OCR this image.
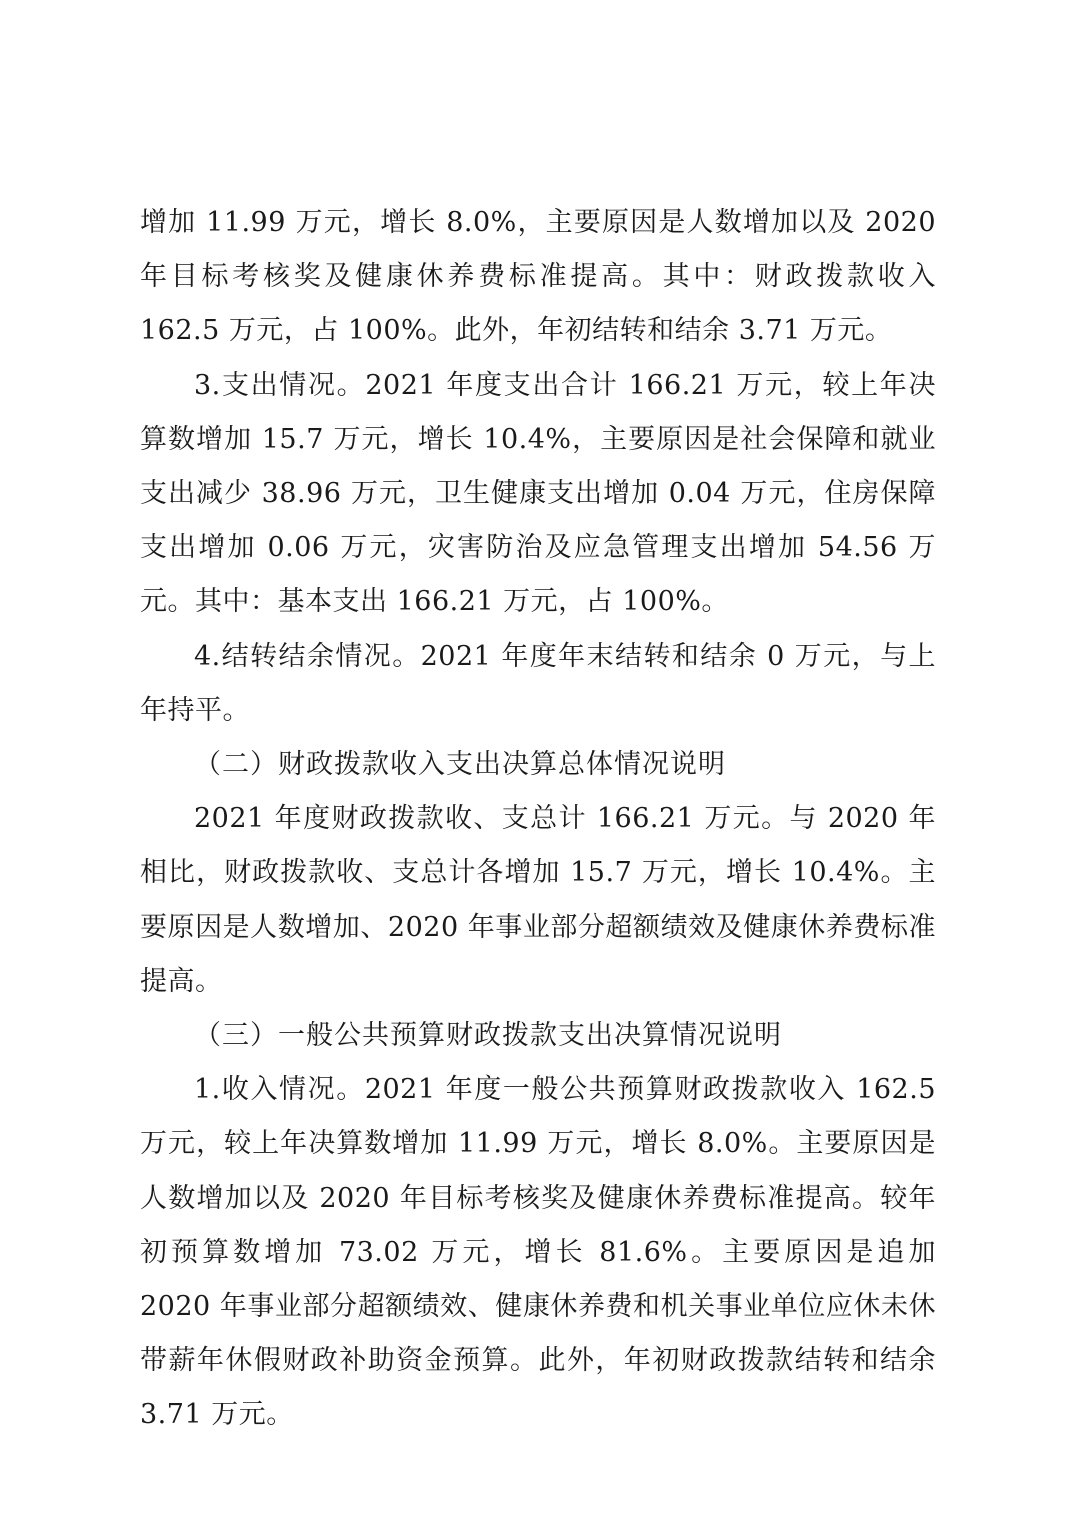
增加 11.99 万元，增长 8.0%，主要原因是人数增加以及 2020 年目标考核奖及健康休养费标准提高。其中：财政拨款收入 162.5 万元，占 100%。此外，年初结转和结余 3.71 万元。

3.支出情况。2021 年度支出合计 166.21 万元，较上年决算数增加 15.7 万元，增长 10.4%，主要原因是社会保障和就业支出减少 38.96 万元，卫生健康支出增加 0.04 万元，住房保障支出增加 0.06 万元，灾害防治及应急管理支出增加 54.56 万元。其中：基本支出 166.21 万元，占 100%。

4.结转结余情况。2021 年度年末结转和结余 0 万元，与上年持平。

（二）财政拨款收入支出决算总体情况说明

2021 年度财政拨款收、支总计 166.21 万元。与 2020 年相比，财政拨款收、支总计各增加 15.7 万元，增长 10.4%。主要原因是人数增加、2020 年事业部分超额绩效及健康休养费标准提高。

（三）一般公共预算财政拨款支出决算情况说明

1.收入情况。2021 年度一般公共预算财政拨款收入 162.5 万元，较上年决算数增加 11.99 万元，增长 8.0%。主要原因是人数增加以及 2020 年目标考核奖及健康休养费标准提高。较年初预算数增加 73.02 万元，增长 81.6%。主要原因是追加 2020 年事业部分超额绩效、健康休养费和机关事业单位应休未休带薪年休假财政补助资金预算。此外，年初财政拨款结转和结余 3.71 万元。
